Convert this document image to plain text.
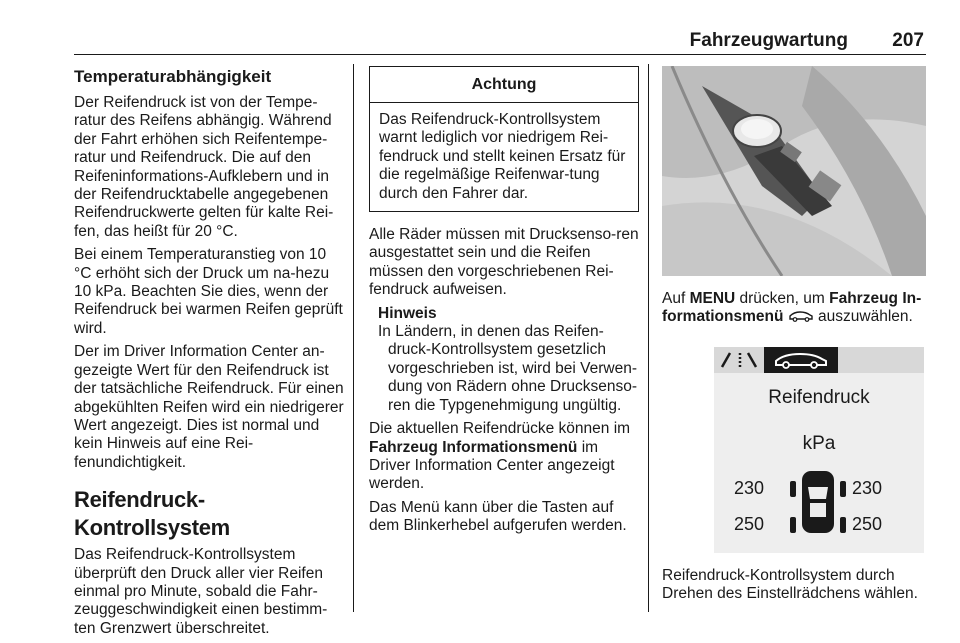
Fahrzeugwartung 207
Temperaturabhängigkeit

Der Reifendruck ist von der Tempe-ratur des Reifens abhängig. Während der Fahrt erhöhen sich Reifentempe-ratur und Reifendruck. Die auf den Reifeninformations-Aufklebern und in der Reifendrucktabelle angegebenen Reifendruckwerte gelten für kalte Rei-fen, das heißt für 20 °C.

Bei einem Temperaturanstieg von 10 °C erhöht sich der Druck um na-hezu 10 kPa. Beachten Sie dies, wenn der Reifendruck bei warmen Reifen geprüft wird.

Der im Driver Information Center an-gezeigte Wert für den Reifendruck ist der tatsächliche Reifendruck. Für einen abgekühlten Reifen wird ein niedrigerer Wert angezeigt. Dies ist normal und kein Hinweis auf eine Rei-fenundichtigkeit.

Reifendruck-Kontrollsystem

Das Reifendruck-Kontrollsystem überprüft den Druck aller vier Reifen einmal pro Minute, sobald die Fahr-zeuggeschwindigkeit einen bestimm-ten Grenzwert überschreitet.

Achtung
Das Reifendruck-Kontrollsystem warnt lediglich vor niedrigem Rei-fendruck und stellt keinen Ersatz für die regelmäßige Reifenwar-tung durch den Fahrer dar.

Alle Räder müssen mit Drucksenso-ren ausgestattet sein und die Reifen müssen den vorgeschriebenen Rei-fendruck aufweisen.

Hinweis
In Ländern, in denen das Reifen-druck-Kontrollsystem gesetzlich vorgeschrieben ist, wird bei Verwen-dung von Rädern ohne Drucksenso-ren die Typgenehmigung ungültig.

Die aktuellen Reifendrücke können im Fahrzeug Informationsmenü im Driver Information Center angezeigt werden.

Das Menü kann über die Tasten auf dem Blinkerhebel aufgerufen werden.

Auf MENU drücken, um Fahrzeug In-formationsmenü  auszuwählen.

Reifendruck
kPa
230	230
250	250

Reifendruck-Kontrollsystem durch Drehen des Einstellrädchens wählen.
